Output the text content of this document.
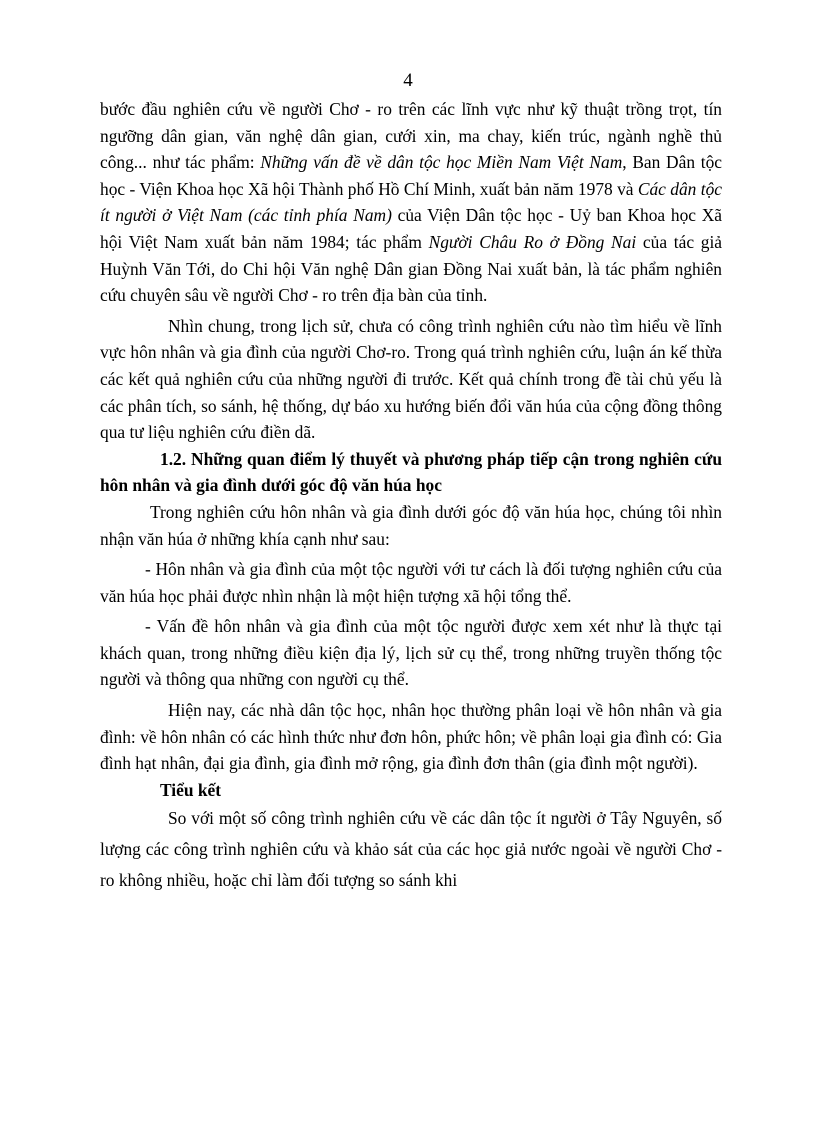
4

bước đầu nghiên cứu về người Chơ - ro trên các lĩnh vực như kỹ thuật trồng trọt, tín ngưỡng dân gian, văn nghệ dân gian, cưới xin, ma chay, kiến trúc, ngành nghề thủ công... như tác phẩm: Những vấn đề về dân tộc học Miền Nam Việt Nam, Ban Dân tộc học - Viện Khoa học Xã hội Thành phố Hồ Chí Minh, xuất bản năm 1978 và Các dân tộc ít người ở Việt Nam (các tỉnh phía Nam) của Viện Dân tộc học - Uỷ ban Khoa học Xã hội Việt Nam xuất bản năm 1984; tác phẩm Người Châu Ro ở Đồng Nai của tác giả Huỳnh Văn Tới, do Chi hội Văn nghệ Dân gian Đồng Nai xuất bản, là tác phẩm nghiên cứu chuyên sâu về người Chơ - ro trên địa bàn của tỉnh.

Nhìn chung, trong lịch sử, chưa có công trình nghiên cứu nào tìm hiểu về lĩnh vực hôn nhân và gia đình của người Chơ-ro. Trong quá trình nghiên cứu, luận án kế thừa các kết quả nghiên cứu của những người đi trước. Kết quả chính trong đề tài chủ yếu là các phân tích, so sánh, hệ thống, dự báo xu hướng biến đổi văn húa của cộng đồng thông qua tư liệu nghiên cứu điền dã.

1.2. Những quan điểm lý thuyết và phương pháp tiếp cận trong nghiên cứu hôn nhân và gia đình dưới góc độ văn húa học

Trong nghiên cứu hôn nhân và gia đình dưới góc độ văn húa học, chúng tôi nhìn nhận văn húa ở những khía cạnh như sau:

- Hôn nhân và gia đình của một tộc người với tư cách là đối tượng nghiên cứu của văn húa học phải được nhìn nhận là một hiện tượng xã hội tổng thể.

- Vấn đề hôn nhân và gia đình của một tộc người được xem xét như là thực tại khách quan, trong những điều kiện địa lý, lịch sử cụ thể, trong những truyền thống tộc người và thông qua những con người cụ thể.

Hiện nay, các nhà dân tộc học, nhân học thường phân loại về hôn nhân và gia đình: về hôn nhân có các hình thức như đơn hôn, phức hôn; về phân loại gia đình có: Gia đình hạt nhân, đại gia đình, gia đình mở rộng, gia đình đơn thân (gia đình một người).

Tiểu kết

So với một số công trình nghiên cứu về các dân tộc ít người ở Tây Nguyên, số lượng các công trình nghiên cứu và khảo sát của các học giả nước ngoài về người Chơ - ro không nhiều, hoặc chỉ làm đối tượng so sánh khi
